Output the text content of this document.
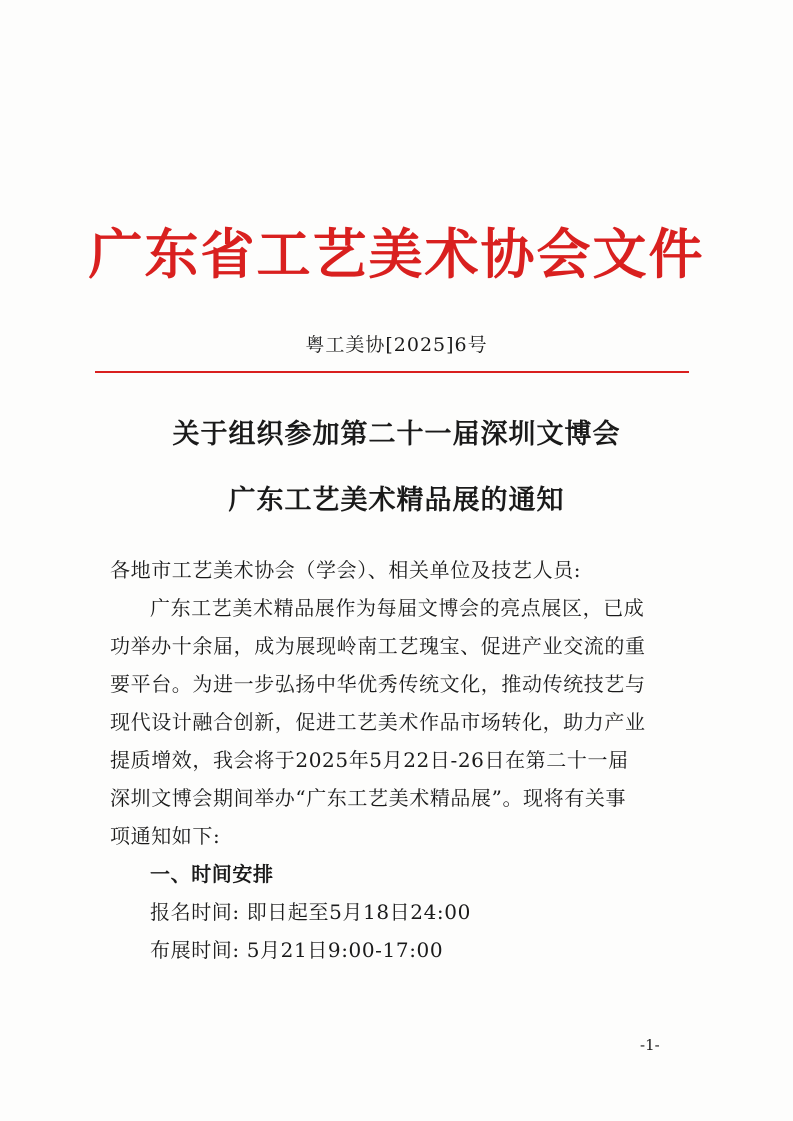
广东省工艺美术协会文件
粤工美协[2025]6号
关于组织参加第二十一届深圳文博会
广东工艺美术精品展的通知
各地市工艺美术协会（学会）、相关单位及技艺人员:
广东工艺美术精品展作为每届文博会的亮点展区，已成
功举办十余届，成为展现岭南工艺瑰宝、促进产业交流的重
要平台。为进一步弘扬中华优秀传统文化，推动传统技艺与
现代设计融合创新，促进工艺美术作品市场转化，助力产业
提质增效，我会将于2025年5月22日-26日在第二十一届
深圳文博会期间举办“广东工艺美术精品展”。现将有关事
项通知如下:
一、时间安排
报名时间: 即日起至5月18日24:00
布展时间: 5月21日9:00-17:00
-1-
